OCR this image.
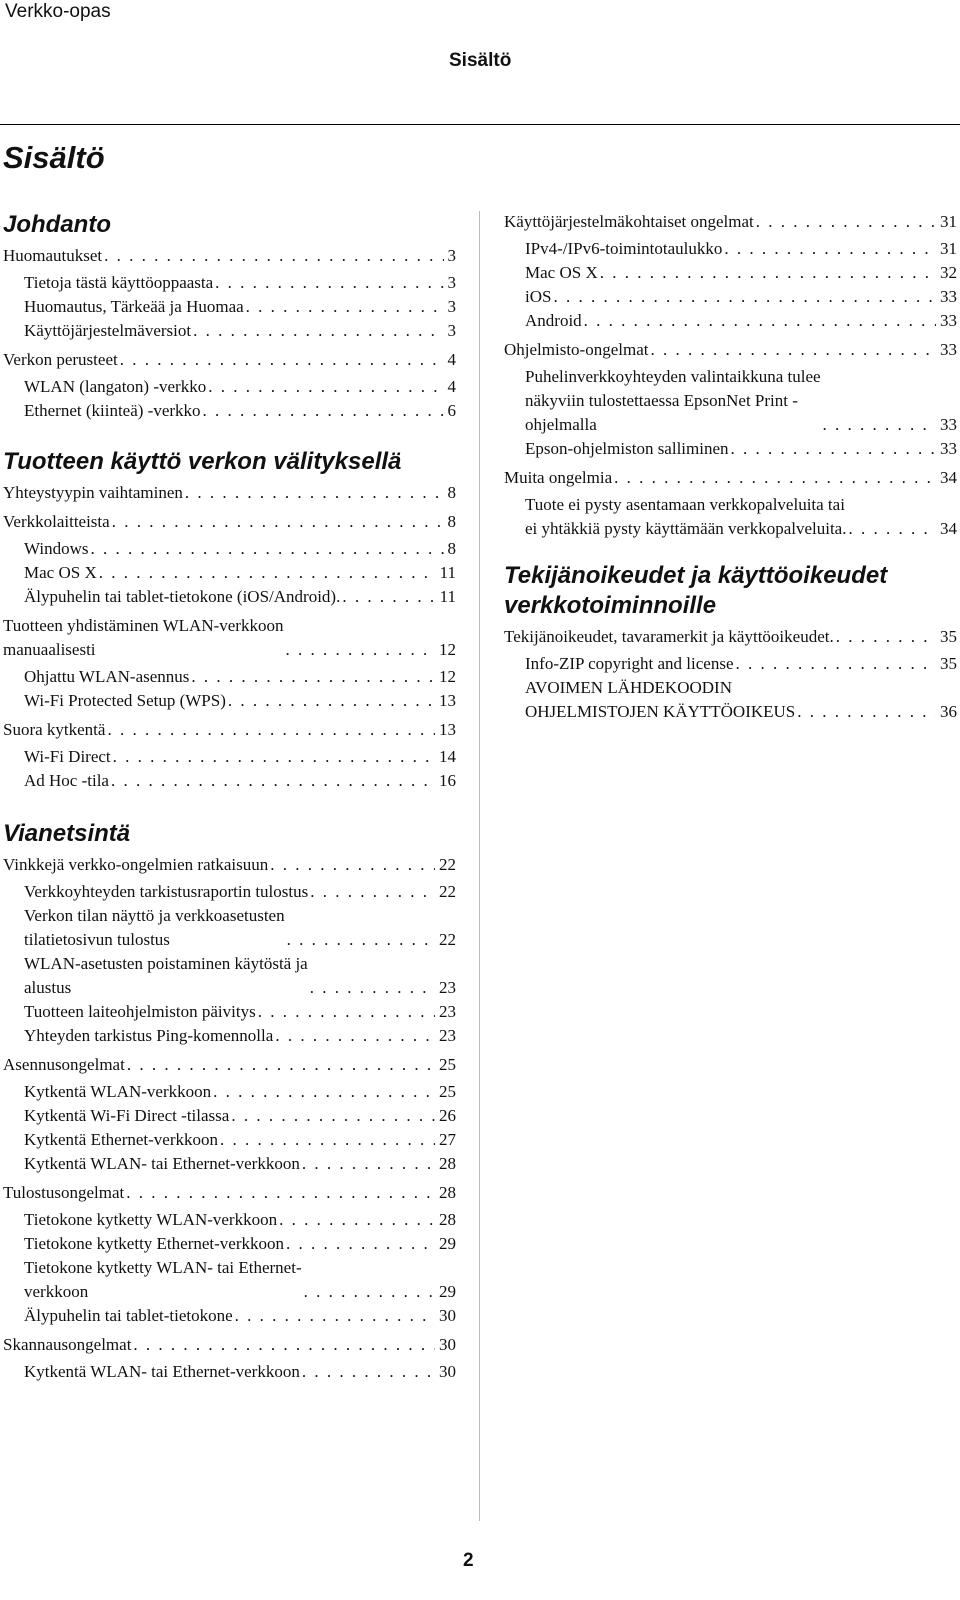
Verkko-opas
Sisältö
Sisältö
Johdanto
Huomautukset . . .	3
Tietoja tästä käyttöoppaasta . . .	3
Huomautus, Tärkeää ja Huomaa . . .	3
Käyttöjärjestelmäversiot . . .	3
Verkon perusteet . . .	4
WLAN (langaton) -verkko . . .	4
Ethernet (kiinteä) -verkko . . .	6
Tuotteen käyttö verkon välityksellä
Yhteystyypin vaihtaminen . . .	8
Verkkolaitteista . . .	8
Windows . . .	8
Mac OS X . . .	11
Älypuhelin tai tablet-tietokone (iOS/Android). . . .	11
Tuotteen yhdistäminen WLAN-verkkoon
manuaalisesti . . .	12
Ohjattu WLAN-asennus . . .	12
Wi-Fi Protected Setup (WPS) . . .	13
Suora kytkentä . . .	13
Wi-Fi Direct . . .	14
Ad Hoc -tila . . .	16
Vianetsintä
Vinkkejä verkko-ongelmien ratkaisuun . . .	22
Verkkoyhteyden tarkistusraportin tulostus . . .	22
Verkon tilan näyttö ja verkkoasetusten
tilatietosivun tulostus . . .	22
WLAN-asetusten poistaminen käytöstä ja
alustus . . .	23
Tuotteen laiteohjelmiston päivitys . . .	23
Yhteyden tarkistus Ping-komennolla . . .	23
Asennusongelmat . . .	25
Kytkentä WLAN-verkkoon . . .	25
Kytkentä Wi-Fi Direct -tilassa . . .	26
Kytkentä Ethernet-verkkoon . . .	27
Kytkentä WLAN- tai Ethernet-verkkoon . . .	28
Tulostusongelmat . . .	28
Tietokone kytketty WLAN-verkkoon . . .	28
Tietokone kytketty Ethernet-verkkoon . . .	29
Tietokone kytketty WLAN- tai Ethernet-
verkkoon . . .	29
Älypuhelin tai tablet-tietokone . . .	30
Skannausongelmat . . .	30
Kytkentä WLAN- tai Ethernet-verkkoon . . .	30
Käyttöjärjestelmäkohtaiset ongelmat . . .	31
IPv4-/IPv6-toimintotaulukko . . .	31
Mac OS X . . .	32
iOS . . .	33
Android . . .	33
Ohjelmisto-ongelmat . . .	33
Puhelinverkkoyhteyden valintaikkuna tulee
näkyviin tulostettaessa EpsonNet Print -
ohjelmalla . . .	33
Epson-ohjelmiston salliminen . . .	33
Muita ongelmia . . .	34
Tuote ei pysty asentamaan verkkopalveluita tai
ei yhtäkkiä pysty käyttämään verkkopalveluita. . . .	34
Tekijänoikeudet ja käyttöoikeudet verkkotoiminnoille
Tekijänoikeudet, tavaramerkit ja käyttöoikeudet. . . .	35
Info-ZIP copyright and license . . .	35
AVOIMEN LÄHDEKOODIN
OHJELMISTOJEN KÄYTTÖOIKEUS . . .	36
2
